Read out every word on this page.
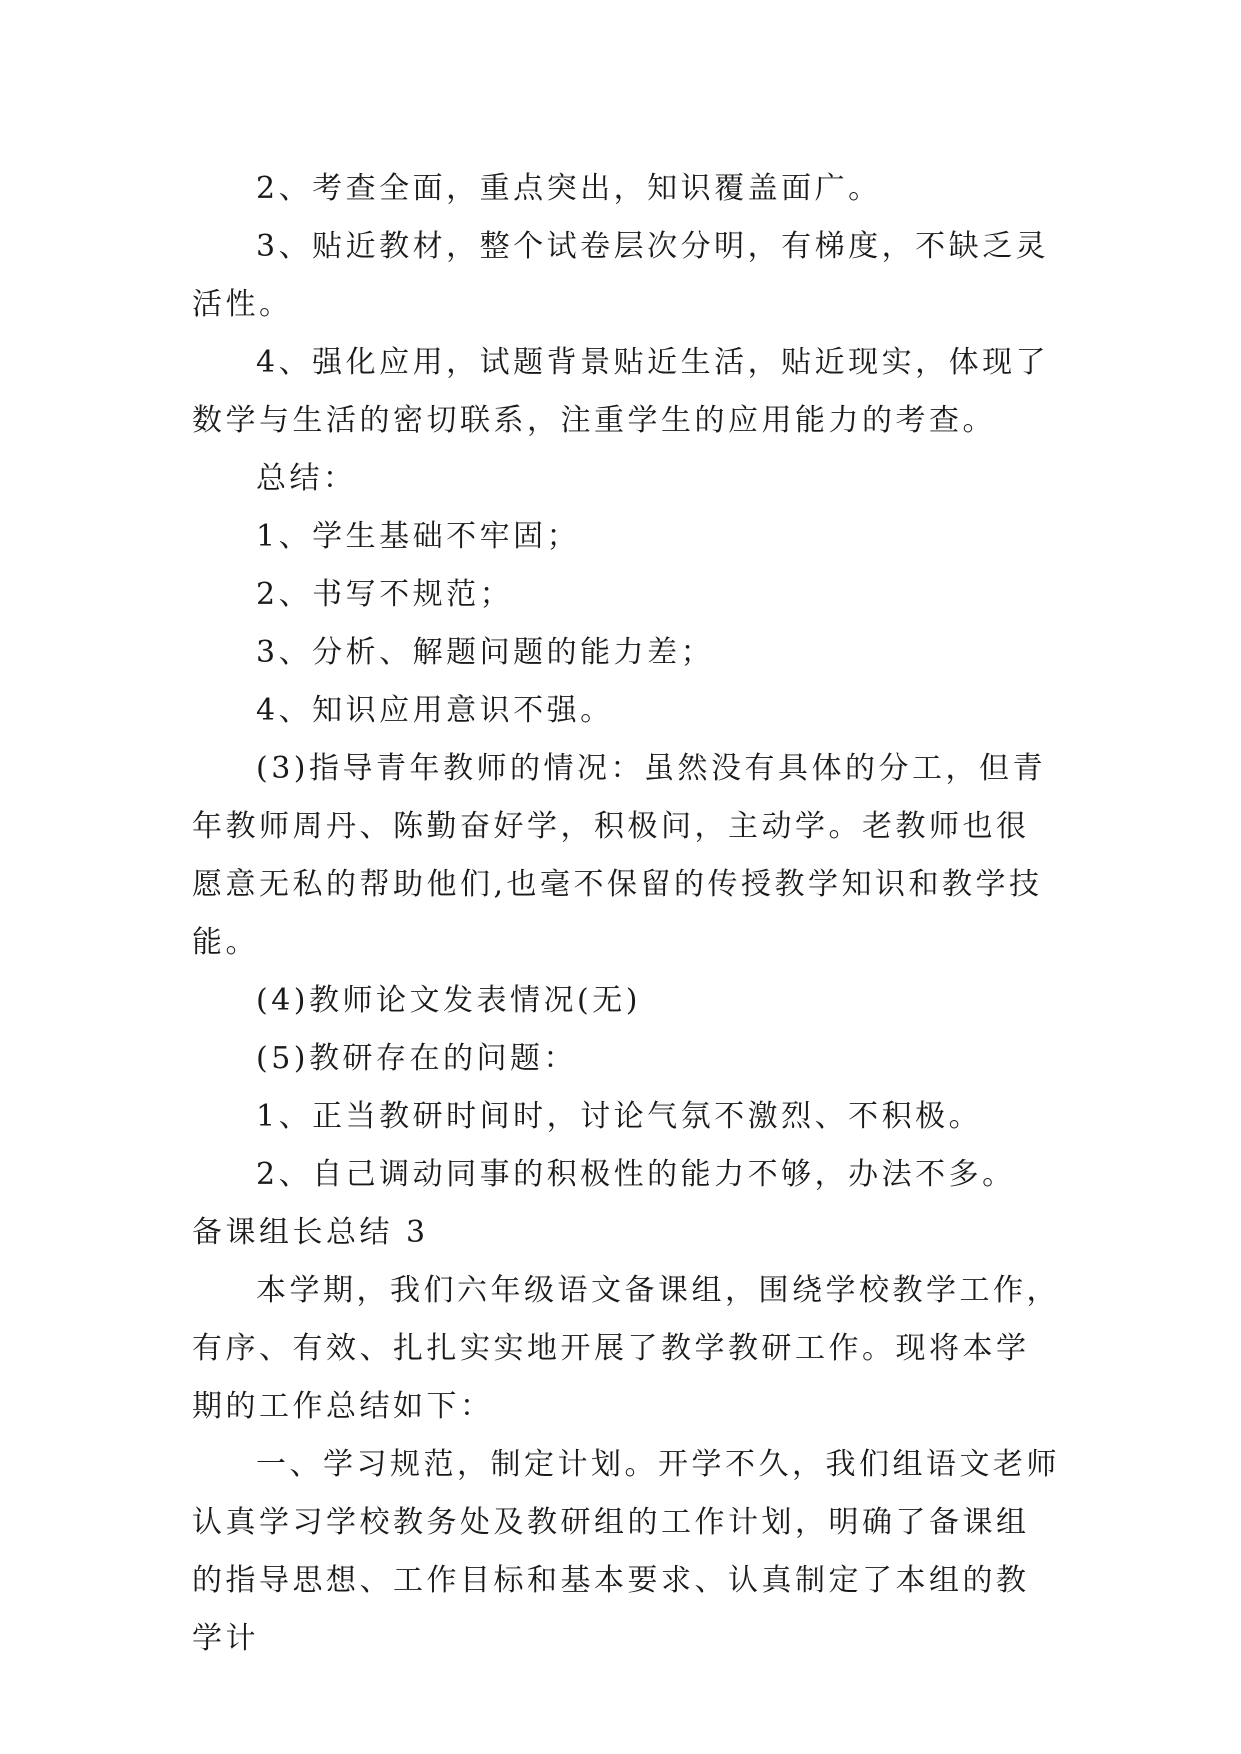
2、考查全面，重点突出，知识覆盖面广。

3、贴近教材，整个试卷层次分明，有梯度，不缺乏灵活性。

4、强化应用，试题背景贴近生活，贴近现实，体现了数学与生活的密切联系，注重学生的应用能力的考查。

总结：

1、学生基础不牢固；

2、书写不规范；

3、分析、解题问题的能力差；

4、知识应用意识不强。

(3)指导青年教师的情况：虽然没有具体的分工，但青年教师周丹、陈勤奋好学，积极问，主动学。老教师也很愿意无私的帮助他们,也毫不保留的传授教学知识和教学技能。

(4)教师论文发表情况(无)

(5)教研存在的问题：

1、正当教研时间时，讨论气氛不激烈、不积极。

2、自己调动同事的积极性的能力不够，办法不多。

备课组长总结 3

本学期，我们六年级语文备课组，围绕学校教学工作，有序、有效、扎扎实实地开展了教学教研工作。现将本学期的工作总结如下：

一、学习规范，制定计划。开学不久，我们组语文老师认真学习学校教务处及教研组的工作计划，明确了备课组的指导思想、工作目标和基本要求、认真制定了本组的教学计
